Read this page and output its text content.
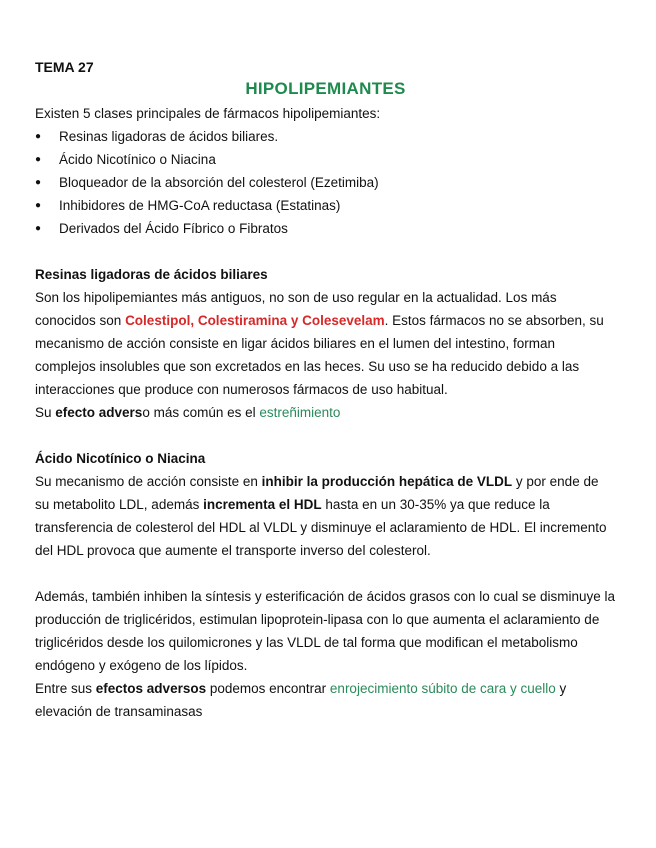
TEMA 27

HIPOLIPEMIANTES

Existen 5 clases principales de fármacos hipolipemiantes:

● Resinas ligadoras de ácidos biliares.
● Ácido Nicotínico o Niacina
● Bloqueador de la absorción del colesterol (Ezetimiba)
● Inhibidores de HMG-CoA reductasa (Estatinas)
● Derivados del Ácido Fíbrico o Fibratos

Resinas ligadoras de ácidos biliares

Son los hipolipemiantes más antiguos, no son de uso regular en la actualidad. Los más conocidos son Colestipol, Colestiramina y Colesevelam. Estos fármacos no se absorben, su mecanismo de acción consiste en ligar ácidos biliares en el lumen del intestino, forman complejos insolubles que son excretados en las heces. Su uso se ha reducido debido a las interacciones que produce con numerosos fármacos de uso habitual.

Su efecto adverso más común es el estreñimiento

Ácido Nicotínico o Niacina

Su mecanismo de acción consiste en inhibir la producción hepática de VLDL y por ende de su metabolito LDL, además incrementa el HDL hasta en un 30-35% ya que reduce la transferencia de colesterol del HDL al VLDL y disminuye el aclaramiento de HDL. El incremento del HDL provoca que aumente el transporte inverso del colesterol.

Además, también inhiben la síntesis y esterificación de ácidos grasos con lo cual se disminuye la producción de triglicéridos, estimulan lipoprotein-lipasa con lo que aumenta el aclaramiento de triglicéridos desde los quilomicrones y las VLDL de tal forma que modifican el metabolismo endógeno y exógeno de los lípidos.

Entre sus efectos adversos podemos encontrar enrojecimiento súbito de cara y cuello y elevación de transaminasas
